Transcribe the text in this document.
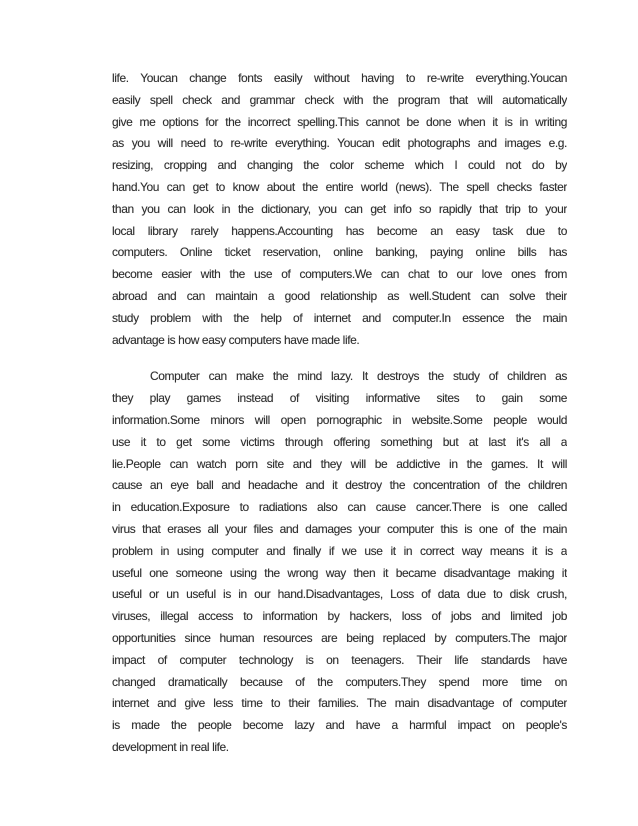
life. Youcan change fonts easily without having to re-write everything.Youcan
easily spell check and grammar check with the program that will automatically
give me options for the incorrect spelling.This cannot be done when it is in writing
as you will need to re-write everything. Youcan edit photographs and images e.g.
resizing, cropping and changing the color scheme which I could not do by
hand.You can get to know about the entire world (news). The spell checks faster
than you can look in the dictionary, you can get info so rapidly that trip to your
local library rarely happens.Accounting has become an easy task due to
computers. Online ticket reservation, online banking, paying online bills has
become easier with the use of computers.We can chat to our love ones from
abroad and can maintain a good relationship as well.Student can solve their
study problem with the help of internet and computer.In essence the main
advantage is how easy computers have made life.
Computer can make the mind lazy. It destroys the study of children as
they play games instead of visiting informative sites to gain some
information.Some minors will open pornographic in website.Some people would
use it to get some victims through offering something but at last it's all a
lie.People can watch porn site and they will be addictive in the games. It will
cause an eye ball and headache and it destroy the concentration of the children
in education.Exposure to radiations also can cause cancer.There is one called
virus that erases all your files and damages your computer this is one of the main
problem in using computer and finally if we use it in correct way means it is a
useful one someone using the wrong way then it became disadvantage making it
useful or un useful is in our hand.Disadvantages, Loss of data due to disk crush,
viruses, illegal access to information by hackers, loss of jobs and limited job
opportunities since human resources are being replaced by computers.The major
impact of computer technology is on teenagers. Their life standards have
changed dramatically because of the computers.They spend more time on
internet and give less time to their families. The main disadvantage of computer
is made the people become lazy and have a harmful impact on people's
development in real life.
